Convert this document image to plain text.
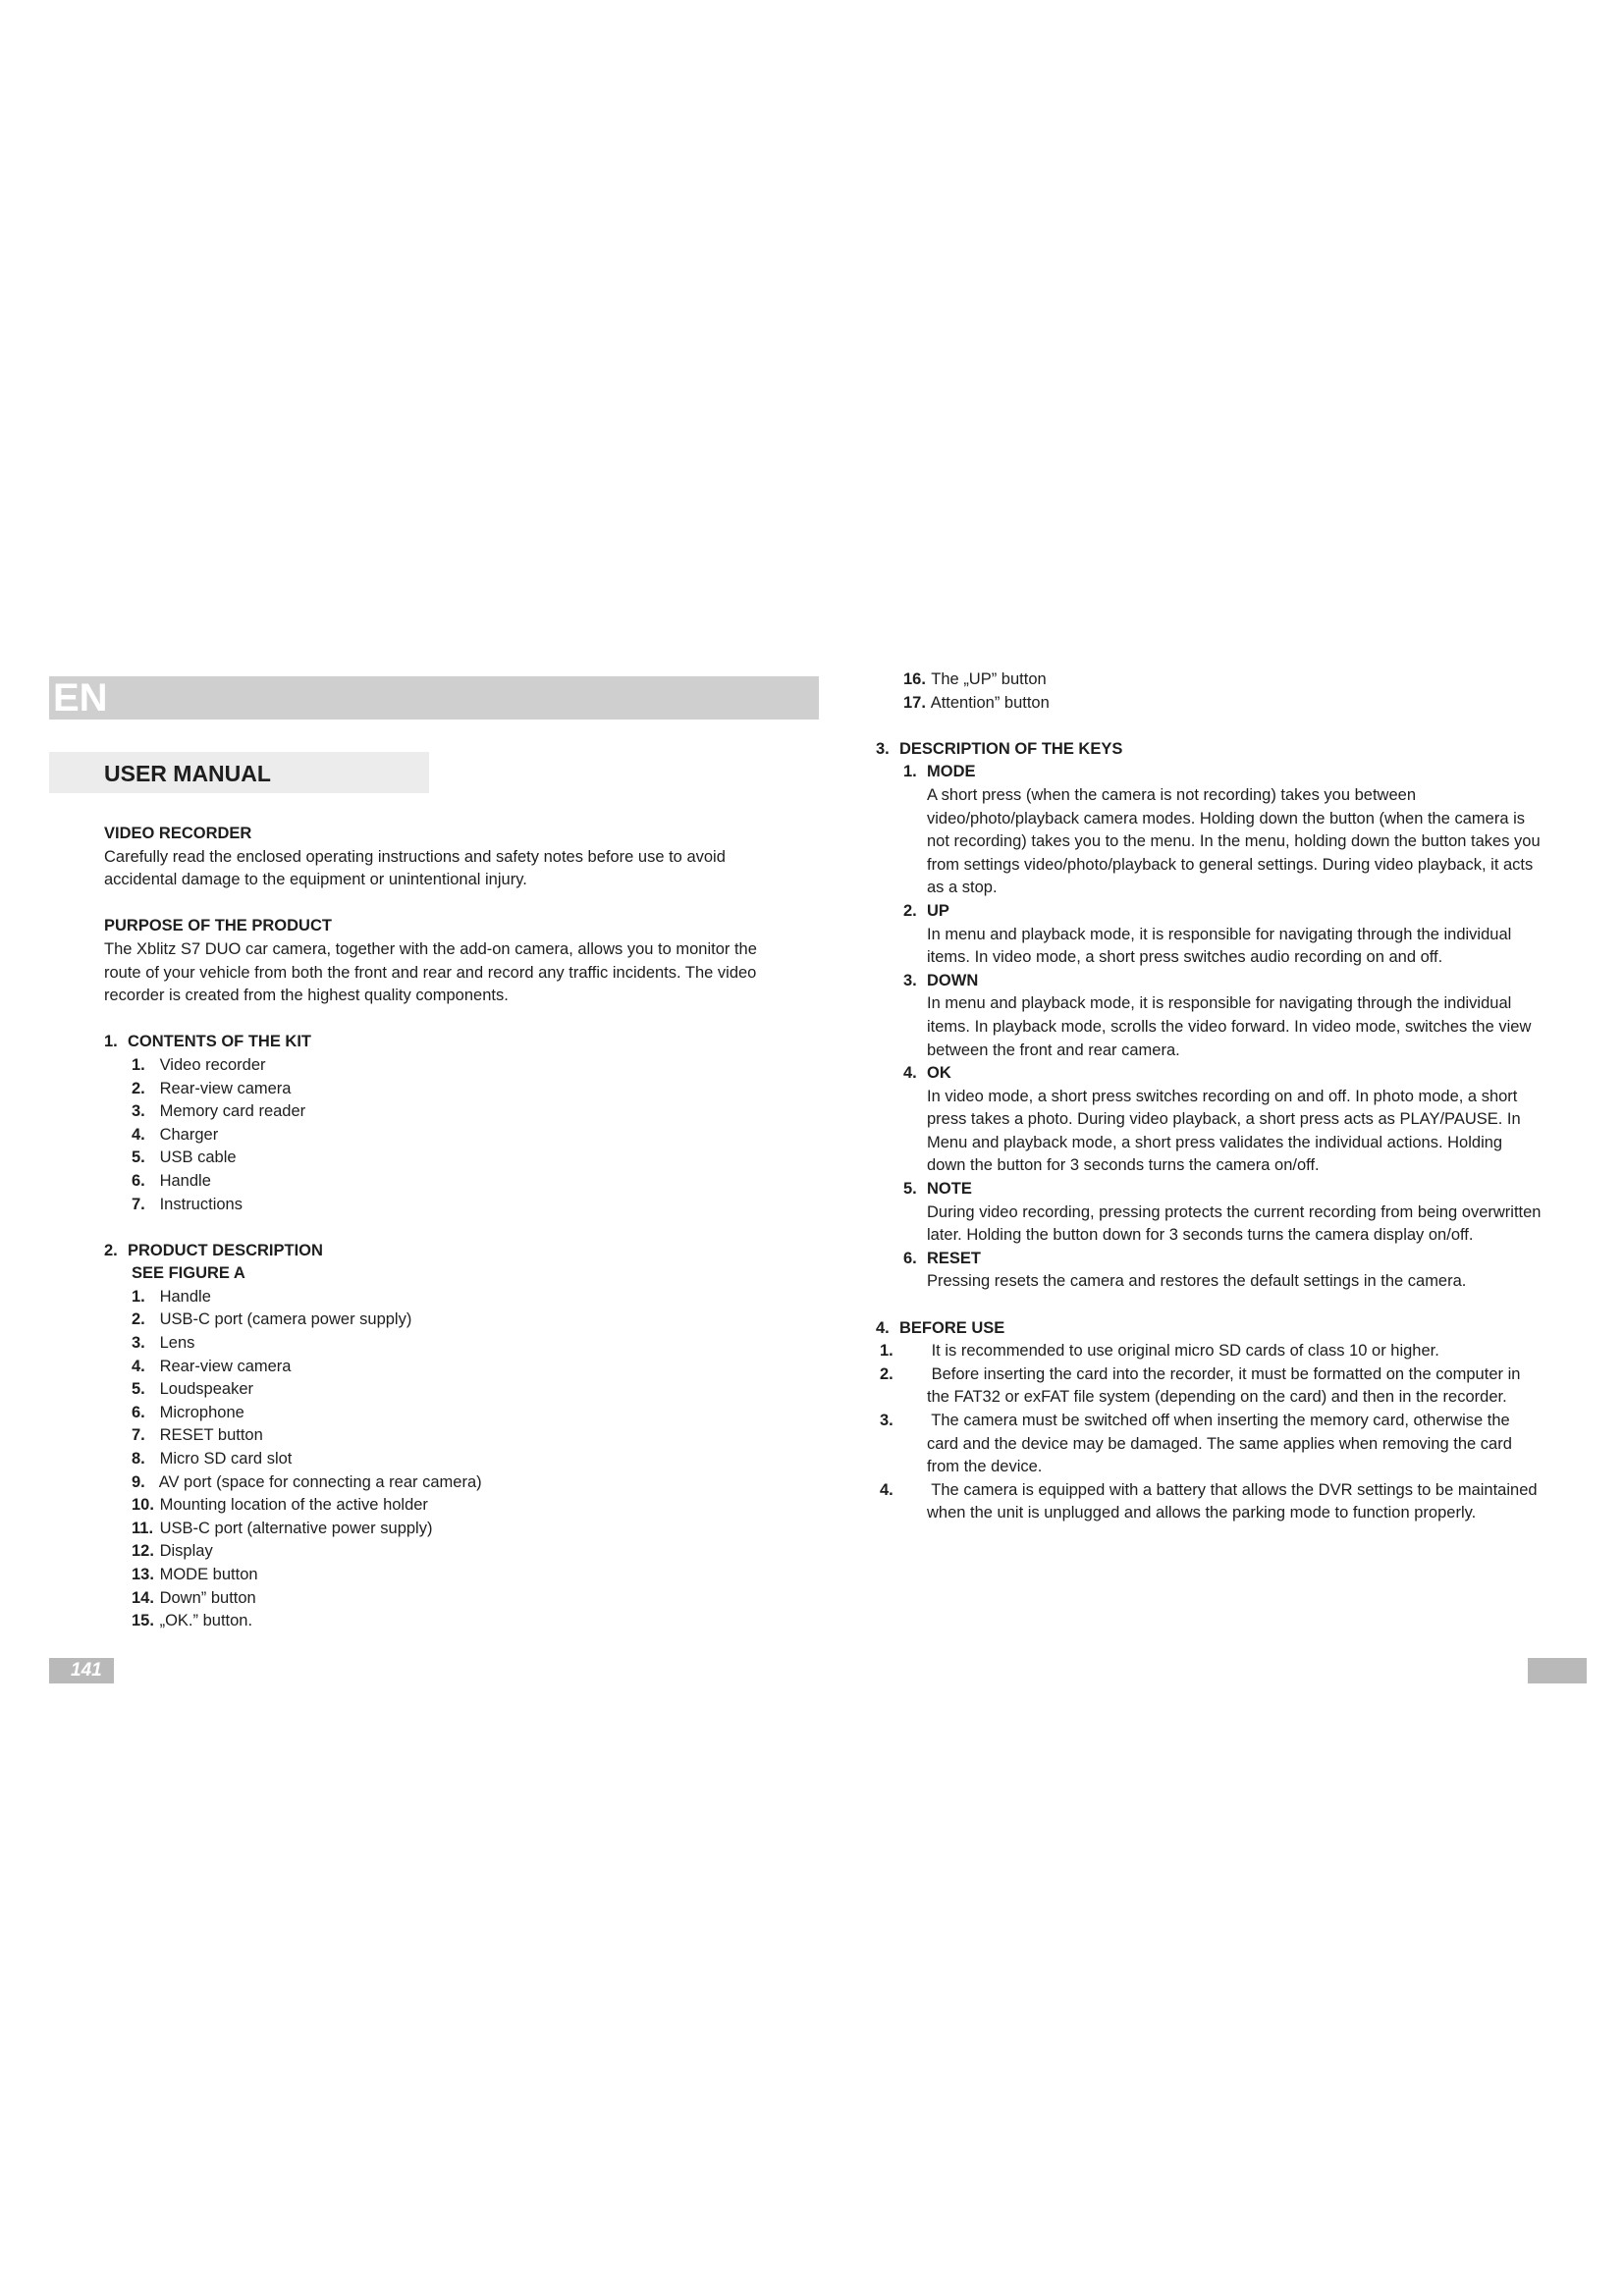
EN
USER MANUAL
VIDEO RECORDER

Carefully read the enclosed operating instructions and safety notes before use to avoid accidental damage to the equipment or unintentional injury.

PURPOSE OF THE PRODUCT

The Xblitz S7 DUO car camera, together with the add-on camera, allows you to monitor the route of your vehicle from both the front and rear and record any traffic incidents. The video recorder is created from the highest quality components.

1. CONTENTS OF THE KIT
1. Video recorder
2. Rear-view camera
3. Memory card reader
4. Charger
5. USB cable
6. Handle
7. Instructions
2. PRODUCT DESCRIPTION
SEE FIGURE A
1. Handle
2. USB-C port (camera power supply)
3. Lens
4. Rear-view camera
5. Loudspeaker
6. Microphone
7. RESET button
8. Micro SD card slot
9. AV port (space for connecting a rear camera)
10. Mounting location of the active holder
11. USB-C port (alternative power supply)
12. Display
13. MODE button
14. Down” button
15. „OK.” button.
16. The „UP” button
17. Attention” button
3. DESCRIPTION OF THE KEYS
1. MODE
A short press (when the camera is not recording) takes you between video/photo/playback camera modes. Holding down the button (when the camera is not recording) takes you to the menu. In the menu, holding down the button takes you from settings video/photo/playback to general settings. During video playback, it acts as a stop.
2. UP
In menu and playback mode, it is responsible for navigating through the individual items. In video mode, a short press switches audio recording on and off.
3. DOWN
In menu and playback mode, it is responsible for navigating through the individual items. In playback mode, scrolls the video forward. In video mode, switches the view between the front and rear camera.
4. OK
In video mode, a short press switches recording on and off. In photo mode, a short press takes a photo. During video playback, a short press acts as PLAY/PAUSE. In Menu and playback mode, a short press validates the individual actions. Holding down the button for 3 seconds turns the camera on/off.
5. NOTE
During video recording, pressing protects the current recording from being overwritten later. Holding the button down for 3 seconds turns the camera display on/off.
6. RESET
Pressing resets the camera and restores the default settings in the camera.
4. BEFORE USE
1. It is recommended to use original micro SD cards of class 10 or higher.
2. Before inserting the card into the recorder, it must be formatted on the computer in the FAT32 or exFAT file system (depending on the card) and then in the recorder.
3. The camera must be switched off when inserting the memory card, otherwise the card and the device may be damaged. The same applies when removing the card from the device.
4. The camera is equipped with a battery that allows the DVR settings to be maintained when the unit is unplugged and allows the parking mode to function properly.
141
